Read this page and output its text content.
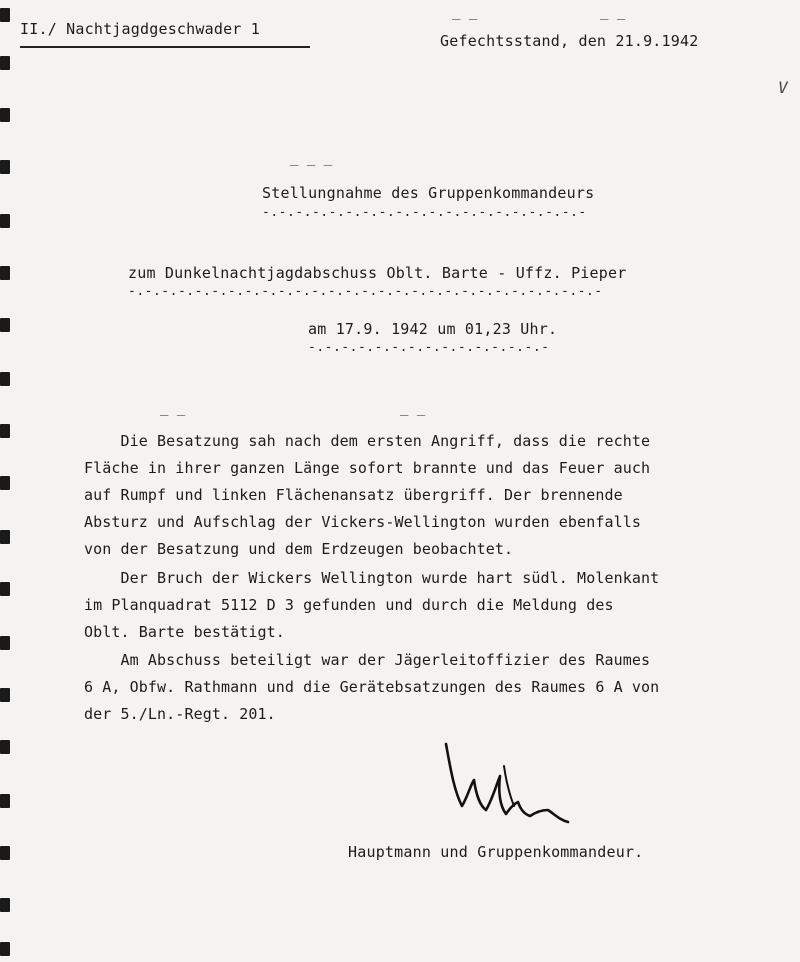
_ _	_ _
_ _ _
_ _	_ _
II./ Nachtjagdgeschwader 1
Gefechtsstand, den 21.9.1942
V
Stellungnahme des Gruppenkommandeurs
-.-.-.-.-.-.-.-.-.-.-.-.-.-.-.-.-.-.-.-
zum Dunkelnachtjagdabschuss Oblt. Barte - Uffz. Pieper
-.-.-.-.-.-.-.-.-.-.-.-.-.-.-.-.-.-.-.-.-.-.-.-.-.-.-.-.-
am 17.9. 1942 um 01,23 Uhr.
-.-.-.-.-.-.-.-.-.-.-.-.-.-.-
Die Besatzung sah nach dem ersten Angriff, dass die rechte
Fläche in ihrer ganzen Länge sofort brannte und das Feuer auch
auf Rumpf und linken Flächenansatz übergriff. Der brennende
Absturz und Aufschlag der Vickers-Wellington wurden ebenfalls
von der Besatzung und dem Erdzeugen beobachtet.
Der Bruch der Wickers Wellington wurde hart südl. Molenkant
im Planquadrat 5112 D 3 gefunden und durch die Meldung des
Oblt. Barte bestätigt.
Am Abschuss beteiligt war der Jägerleitoffizier des Raumes
6 A, Obfw. Rathmann und die Gerätebsatzungen des Raumes 6 A von
der 5./Ln.-Regt. 201.
Hauptmann und Gruppenkommandeur.
